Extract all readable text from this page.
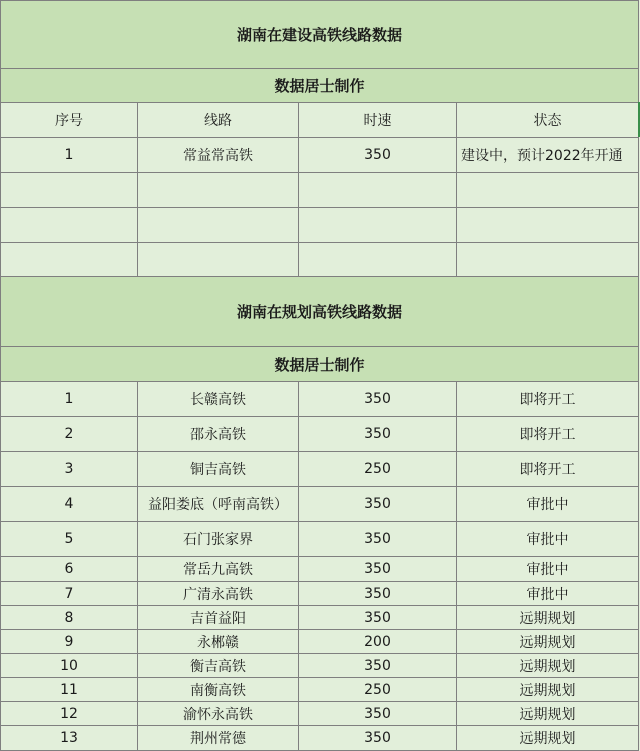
湖南在建设高铁线路数据			
数据居士制作			
序号	线路	时速	状态
1	常益常高铁	350	建设中，预计2022年开通

湖南在规划高铁线路数据			
数据居士制作			
1	长赣高铁	350	即将开工
2	邵永高铁	350	即将开工
3	铜吉高铁	250	即将开工
4	益阳娄底（呼南高铁）	350	审批中
5	石门张家界	350	审批中
6	常岳九高铁	350	审批中
7	广清永高铁	350	审批中
8	吉首益阳	350	远期规划
9	永郴赣	200	远期规划
10	衡吉高铁	350	远期规划
11	南衡高铁	250	远期规划
12	渝怀永高铁	350	远期规划
13	荆州常德	350	远期规划
